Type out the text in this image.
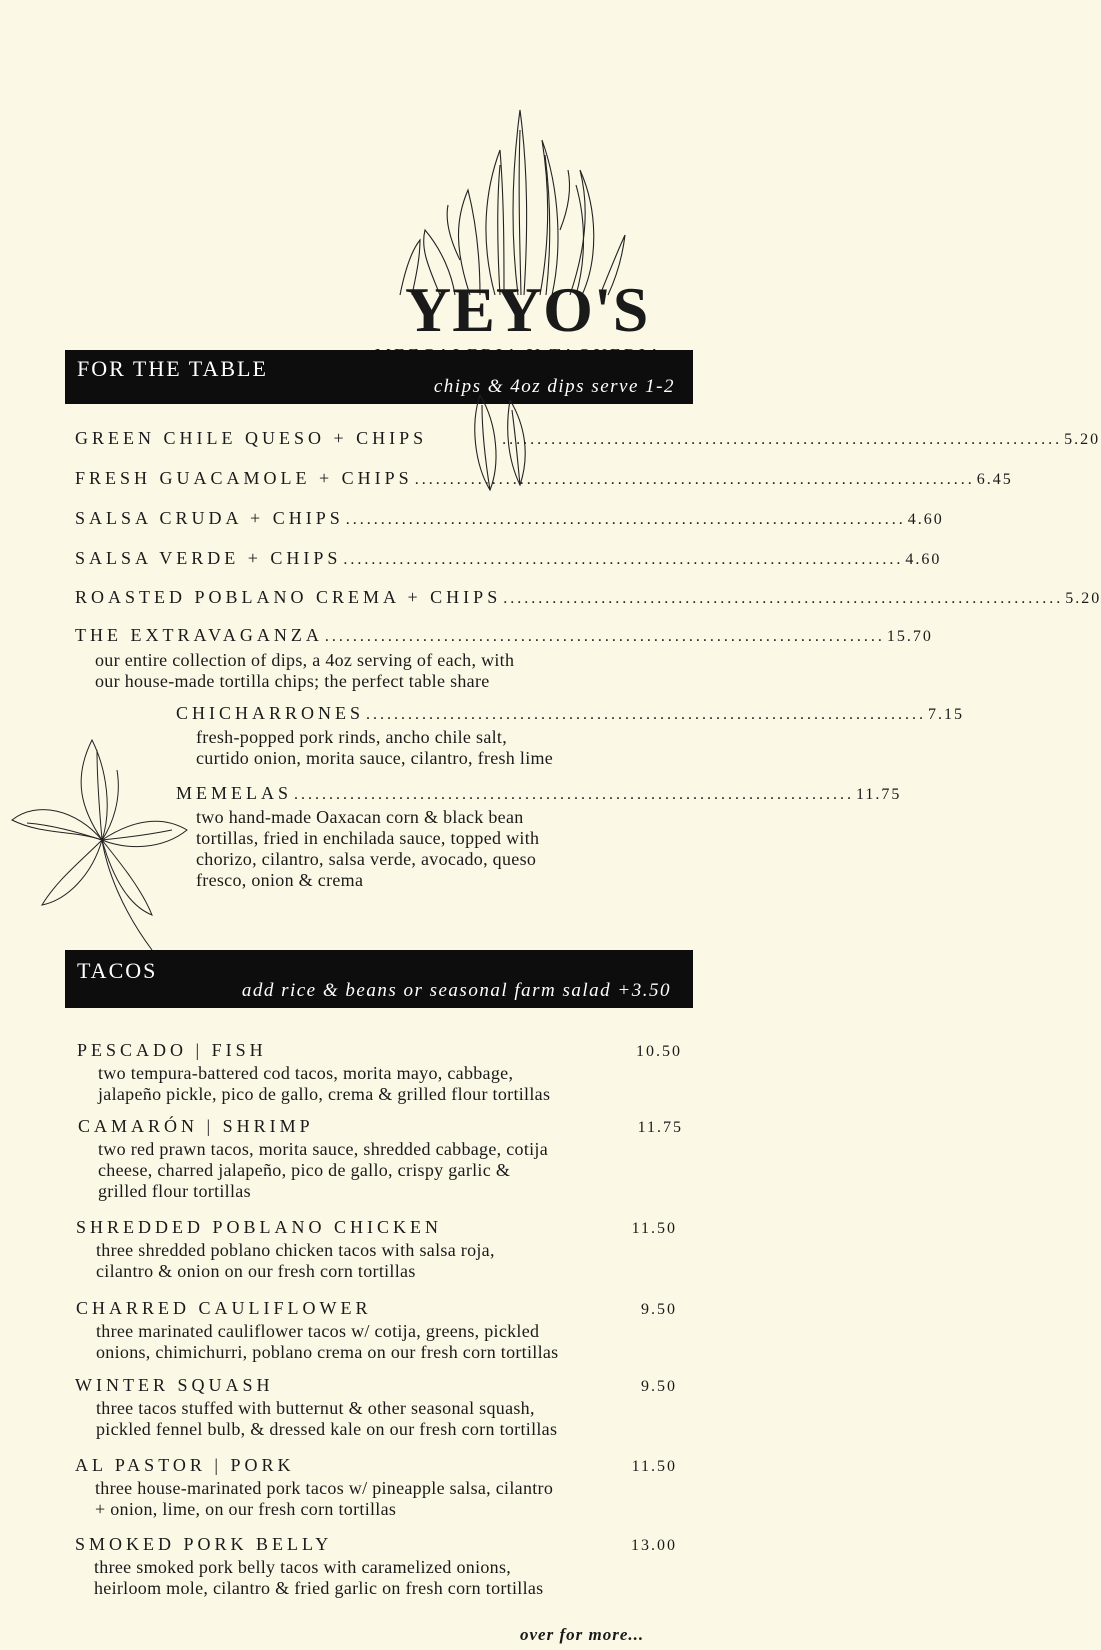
YEYO'S
FOR THE TABLE
chips & 4oz dips serve 1-2
GREEN CHILE QUESO + CHIPS	................................................................................ 5.20
FRESH GUACAMOLE + CHIPS ................................................................................ 6.45
SALSA CRUDA + CHIPS ................................................................................ 4.60
SALSA VERDE + CHIPS ................................................................................ 4.60
ROASTED POBLANO CREMA + CHIPS ................................................................................ 5.20
THE EXTRAVAGANZA ................................................................................ 15.70
our entire collection of dips, a 4oz serving of each, with
our house-made tortilla chips; the perfect table share
CHICHARRONES ................................................................................ 7.15
fresh-popped pork rinds, ancho chile salt,
curtido onion, morita sauce, cilantro, fresh lime
MEMELAS ................................................................................ 11.75
two hand-made Oaxacan corn & black bean
tortillas, fried in enchilada sauce, topped with
chorizo, cilantro, salsa verde, avocado, queso
fresco, onion & crema
TACOS
add rice & beans or seasonal farm salad +3.50
PESCADO | FISH	10.50
two tempura-battered cod tacos, morita mayo, cabbage,
jalapeño pickle, pico de gallo, crema & grilled flour tortillas
CAMARÓN | SHRIMP	11.75
two red prawn tacos, morita sauce, shredded cabbage, cotija
cheese, charred jalapeño, pico de gallo, crispy garlic &
grilled flour tortillas
SHREDDED POBLANO CHICKEN	11.50
three shredded poblano chicken tacos with salsa roja,
cilantro & onion on our fresh corn tortillas
CHARRED CAULIFLOWER	9.50
three marinated cauliflower tacos w/ cotija, greens, pickled
onions, chimichurri, poblano crema on our fresh corn tortillas
WINTER SQUASH	9.50
three tacos stuffed with butternut & other seasonal squash,
pickled fennel bulb, & dressed kale on our fresh corn tortillas
AL PASTOR | PORK	11.50
three house-marinated pork tacos w/ pineapple salsa, cilantro
+ onion, lime, on our fresh corn tortillas
SMOKED PORK BELLY	13.00
three smoked pork belly tacos with caramelized onions,
heirloom mole, cilantro & fried garlic on fresh corn tortillas
over for more...
